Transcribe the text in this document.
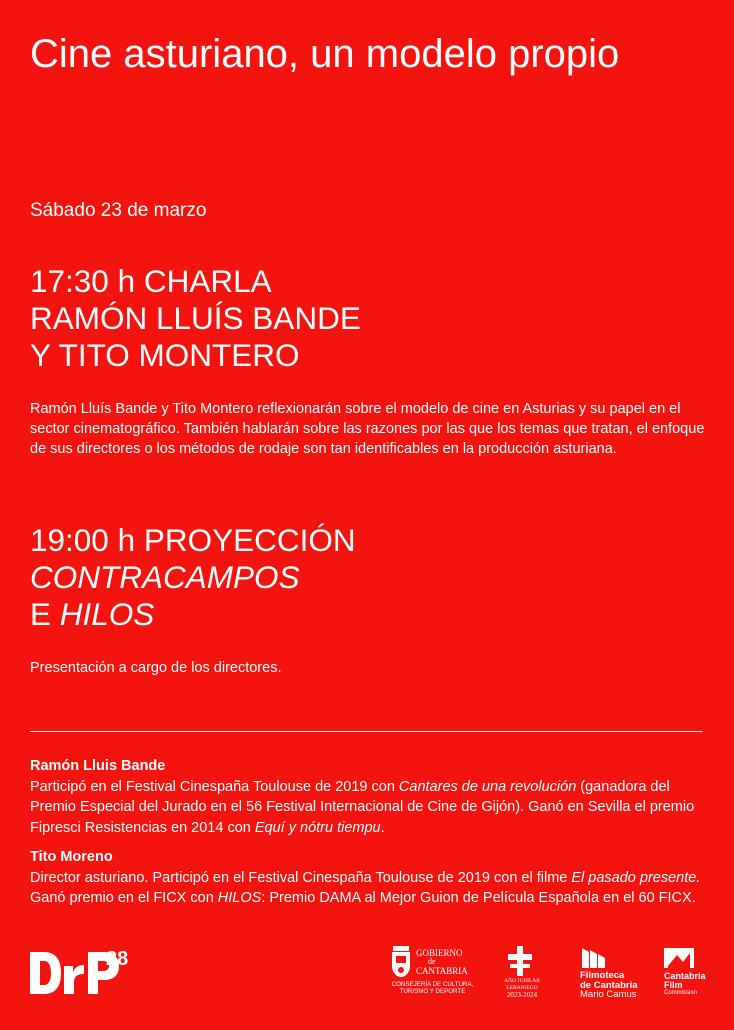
Cine asturiano, un modelo propio
Sábado 23 de marzo
17:30 h CHARLA
RAMÓN LLUÍS BANDE
Y TITO MONTERO
Ramón Lluís Bande y Tito Montero reflexionarán sobre el modelo de cine en Asturias y su papel en el sector cinematográfico. También hablarán sobre las razones por las que los temas que tratan, el enfoque de sus directores o los métodos de rodaje son tan identificables en la producción asturiana.
19:00 h PROYECCIÓN
CONTRACAMPOS
E HILOS
Presentación a cargo de los directores.
Ramón Lluis Bande
Participó en el Festival Cinespaña Toulouse de 2019 con Cantares de una revolución (ganadora del Premio Especial del Jurado en el 56 Festival Internacional de Cine de Gijón). Ganó en Sevilla el premio Fipresci Resistencias en 2014 con Equí y nótru tiempu.
Tito Moreno
Director asturiano. Participó en el Festival Cinespaña Toulouse de 2019 con el filme El pasado presente. Ganó premio en el FICX con HILOS: Premio DAMA al Mejor Guion de Película Española en el 60 FICX.
28	GOBIERNO
de
CANTABRIA
CONSEJERÍA DE CULTURA,
TURISMO Y DEPORTE
AÑO JUBILAR
LEBANIEGO
2023-2024
Filmoteca
de Cantabria
Mario Camus
Cantabria
Film
Commission
